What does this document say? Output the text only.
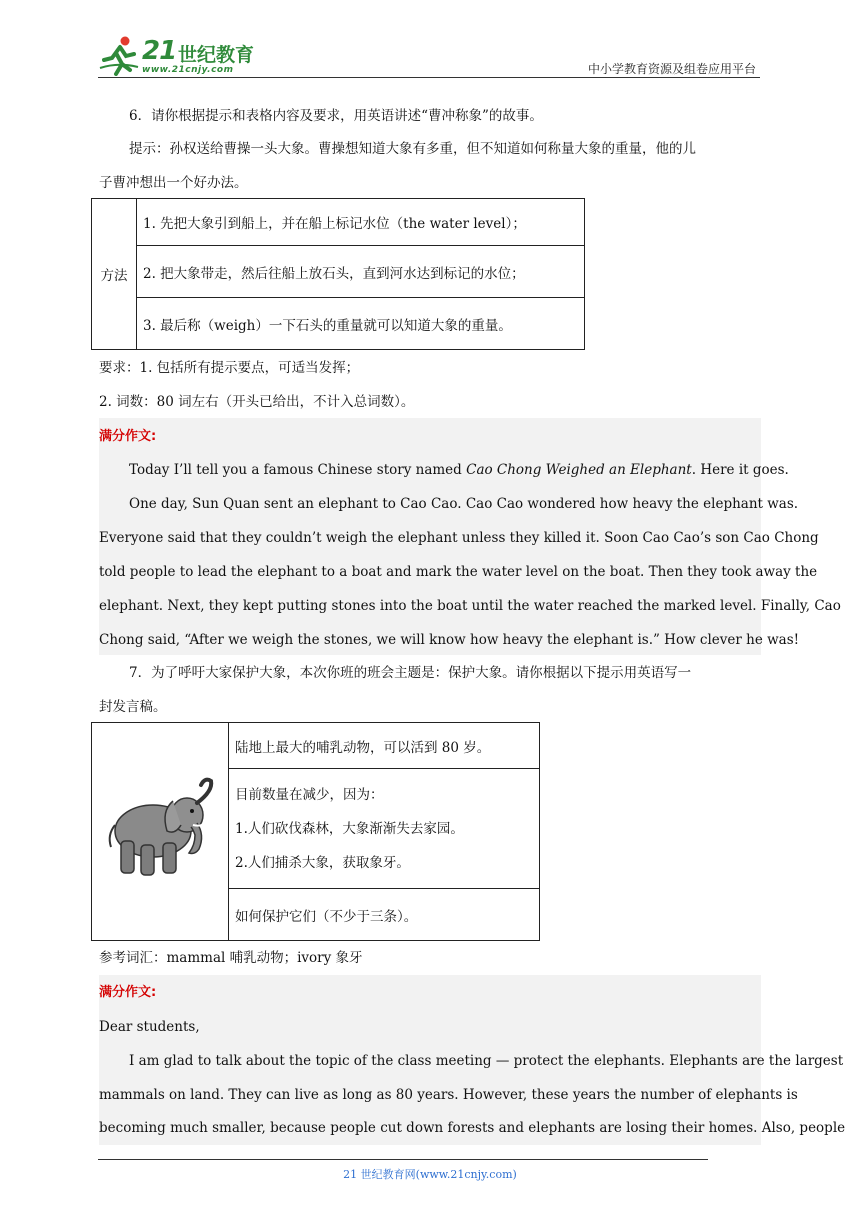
21 世纪教育
www.21cnjy.com	中小学教育资源及组卷应用平台
6．请你根据提示和表格内容及要求，用英语讲述“曹冲称象”的故事。
提示：孙权送给曹操一头大象。曹操想知道大象有多重，但不知道如何称量大象的重量，他的儿
子曹冲想出一个好办法。
方法	1. 先把大象引到船上，并在船上标记水位（the water level）；
2. 把大象带走，然后往船上放石头，直到河水达到标记的水位；
3. 最后称（weigh）一下石头的重量就可以知道大象的重量。
要求：1. 包括所有提示要点，可适当发挥；
2. 词数：80 词左右（开头已给出，不计入总词数）。
满分作文:
Today I’ll tell you a famous Chinese story named Cao Chong Weighed an Elephant. Here it goes.
One day, Sun Quan sent an elephant to Cao Cao. Cao Cao wondered how heavy the elephant was.
Everyone said that they couldn’t weigh the elephant unless they killed it. Soon Cao Cao’s son Cao Chong
told people to lead the elephant to a boat and mark the water level on the boat. Then they took away the
elephant. Next, they kept putting stones into the boat until the water reached the marked level. Finally, Cao
Chong said, “After we weigh the stones, we will know how heavy the elephant is.” How clever he was!
7．为了呼吁大家保护大象，本次你班的班会主题是：保护大象。请你根据以下提示用英语写一
封发言稿。
	陆地上最大的哺乳动物，可以活到 80 岁。

目前数量在减少，因为：
1.人们砍伐森林，大象渐渐失去家园。
2.人们捕杀大象，获取象牙。

如何保护它们（不少于三条）。
参考词汇：mammal 哺乳动物；ivory 象牙
满分作文:
Dear students,
I am glad to talk about the topic of the class meeting — protect the elephants. Elephants are the largest
mammals on land. They can live as long as 80 years. However, these years the number of elephants is
becoming much smaller, because people cut down forests and elephants are losing their homes. Also, people
21 世纪教育网(www.21cnjy.com)
